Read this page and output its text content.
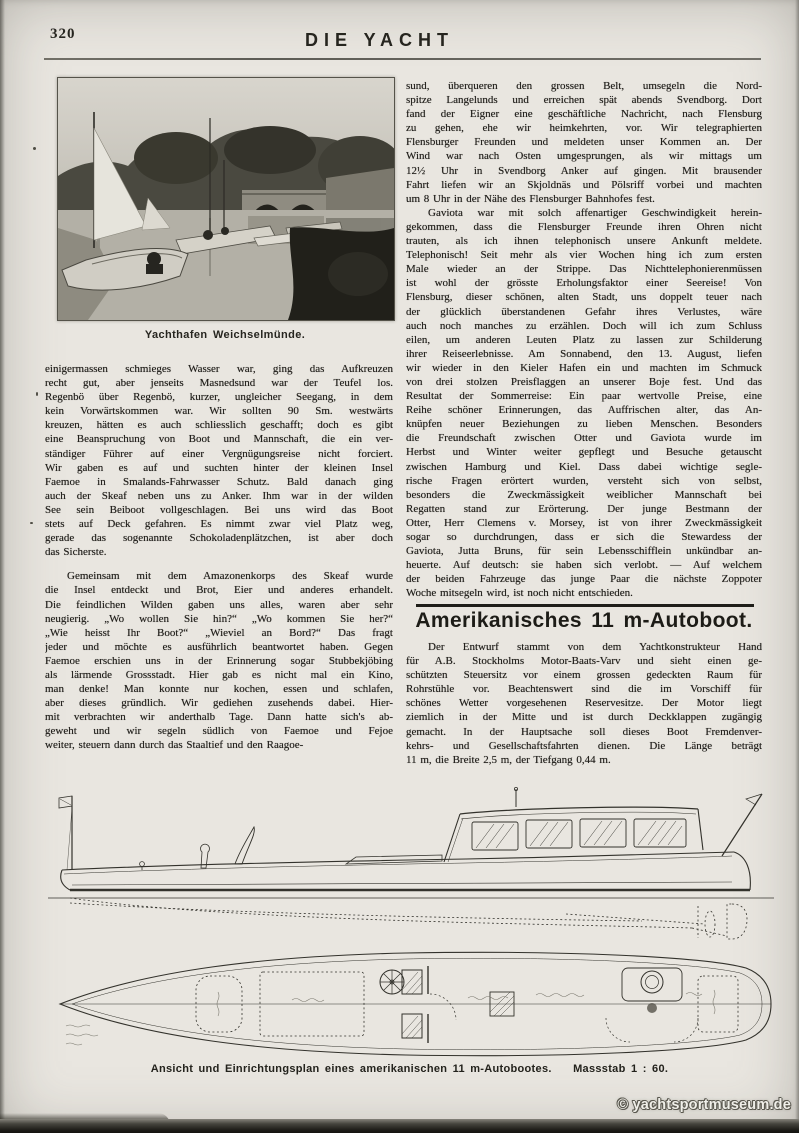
320	DIE YACHT
Yachthafen Weichselmünde.
einigermassen schmieges Wasser war, ging das Aufkreuzen
recht gut, aber jenseits Masnedsund war der Teufel los.
Regenbö über Regenbö, kurzer, ungleicher Seegang, in dem
kein Vorwärtskommen war. Wir sollten 90 Sm. westwärts
kreuzen, hätten es auch schliesslich geschafft; doch es gibt
eine Beanspruchung von Boot und Mannschaft, die ein ver-
ständiger Führer auf einer Vergnügungsreise nicht forciert.
Wir gaben es auf und suchten hinter der kleinen Insel
Faemoe in Smalands-Fahrwasser Schutz. Bald danach ging
auch der Skeaf neben uns zu Anker. Ihm war in der wilden
See sein Beiboot vollgeschlagen. Bei uns wird das Boot
stets auf Deck gefahren. Es nimmt zwar viel Platz weg,
gerade das sogenannte Schokoladenplätzchen, ist aber doch
das Sicherste.
Gemeinsam mit dem Amazonenkorps des Skeaf wurde
die Insel entdeckt und Brot, Eier und anderes erhandelt.
Die feindlichen Wilden gaben uns alles, waren aber sehr
neugierig. „Wo wollen Sie hin?“ „Wo kommen Sie her?“
„Wie heisst Ihr Boot?“ „Wieviel an Bord?“ Das fragt
jeder und möchte es ausführlich beantwortet haben. Gegen
Faemoe erschien uns in der Erinnerung sogar Stubbekjöbing
als lärmende Grossstadt. Hier gab es nicht mal ein Kino,
man denke! Man konnte nur kochen, essen und schlafen,
aber dieses gründlich. Wir gediehen zusehends dabei. Hier-
mit verbrachten wir anderthalb Tage. Dann hatte sich's ab-
geweht und wir segeln südlich von Faemoe und Fejoe
weiter, steuern dann durch das Staaltief und den Raagoe-
sund, überqueren den grossen Belt, umsegeln die Nord-
spitze Langelunds und erreichen spät abends Svendborg. Dort
fand der Eigner eine geschäftliche Nachricht, nach Flensburg
zu gehen, ehe wir heimkehrten, vor. Wir telegraphierten
Flensburger Freunden und meldeten unser Kommen an. Der
Wind war nach Osten umgesprungen, als wir mittags um
12½ Uhr in Svendborg Anker auf gingen. Mit brausender
Fahrt liefen wir an Skjoldnäs und Pölsriff vorbei und machten
um 8 Uhr in der Nähe des Flensburger Bahnhofes fest.
Gaviota war mit solch affenartiger Geschwindigkeit herein-
gekommen, dass die Flensburger Freunde ihren Ohren nicht
trauten, als ich ihnen telephonisch unsere Ankunft meldete.
Telephonisch! Seit mehr als vier Wochen hing ich zum ersten
Male wieder an der Strippe. Das Nichttelephonierenmüssen
ist wohl der grösste Erholungsfaktor einer Seereise! Von
Flensburg, dieser schönen, alten Stadt, uns doppelt teuer nach
der glücklich überstandenen Gefahr ihres Verlustes, wäre
auch noch manches zu erzählen. Doch will ich zum Schluss
eilen, um anderen Leuten Platz zu lassen zur Schilderung
ihrer Reiseerlebnisse. Am Sonnabend, den 13. August, liefen
wir wieder in den Kieler Hafen ein und machten im Schmuck
von drei stolzen Preisflaggen an unserer Boje fest. Und das
Resultat der Sommerreise: Ein paar wertvolle Preise, eine
Reihe schöner Erinnerungen, das Auffrischen alter, das An-
knüpfen neuer Beziehungen zu lieben Menschen. Besonders
die Freundschaft zwischen Otter und Gaviota wurde im
Herbst und Winter weiter gepflegt und Besuche getauscht
zwischen Hamburg und Kiel. Dass dabei wichtige segle-
rische Fragen erörtert wurden, versteht sich von selbst,
besonders die Zweckmässigkeit weiblicher Mannschaft bei
Regatten stand zur Erörterung. Der junge Bestmann der
Otter, Herr Clemens v. Morsey, ist von ihrer Zweckmässigkeit
sogar so durchdrungen, dass er sich die Stewardess der
Gaviota, Jutta Bruns, für sein Lebensschifflein unkündbar an-
heuerte. Auf deutsch: sie haben sich verlobt. — Auf welchem
der beiden Fahrzeuge das junge Paar die nächste Zoppoter
Woche mitsegeln wird, ist noch nicht entschieden.
Amerikanisches 11 m-Autoboot.
Der Entwurf stammt von dem Yachtkonstrukteur Hand
für A.B. Stockholms Motor-Baats-Varv und sieht einen ge-
schützten Steuersitz vor einem grossen gedeckten Raum für
Rohrstühle vor. Beachtenswert sind die im Vorschiff für
schönes Wetter vorgesehenen Reservesitze. Der Motor liegt
ziemlich in der Mitte und ist durch Deckklappen zugängig
gemacht. In der Hauptsache soll dieses Boot Fremdenver-
kehrs- und Gesellschaftsfahrten dienen. Die Länge beträgt
11 m, die Breite 2,5 m, der Tiefgang 0,44 m.
Ansicht und Einrichtungsplan eines amerikanischen 11 m-Autobootes. Massstab 1 : 60.
© yachtsportmuseum.de
